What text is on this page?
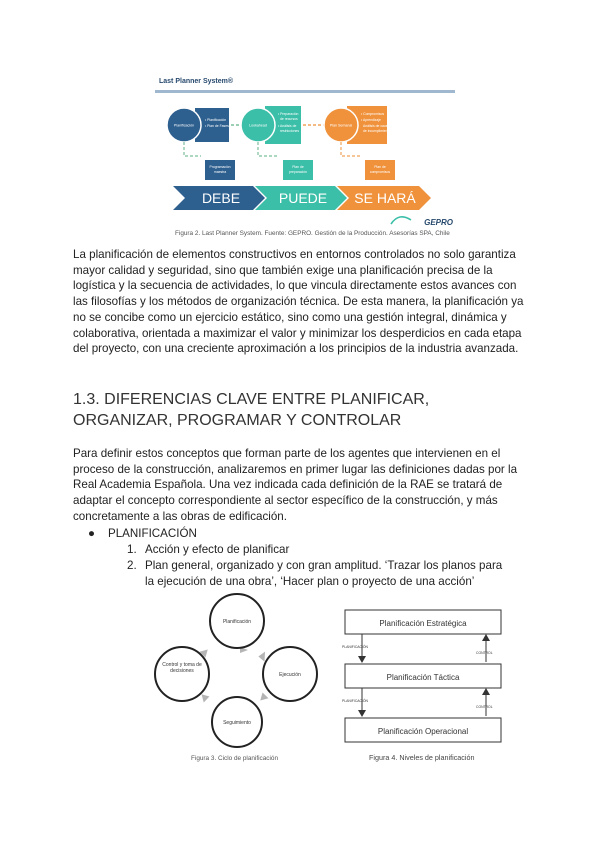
Last Planner System®
Planificación
• Planificación
• Plan de Fases
Programación
maestra
Lookahead
• Preparación
de recursos
• Análisis de
restricciones
Plan de
preparación
Plan Semanal
• Compromisos
• Aprendizaje
Análisis de causas
de incumplimiento
Plan de
compromisos
DEBE	PUEDE SE HARÁ
GEPRO
Figura 2. Last Planner System. Fuente: GEPRO. Gestión de la Producción. Asesorías SPA, Chile
La planificación de elementos constructivos en entornos controlados no solo garantiza mayor calidad y seguridad, sino que también exige una planificación precisa de la logística y la secuencia de actividades, lo que vincula directamente estos avances con las filosofías y los métodos de organización técnica. De esta manera, la planificación ya no se concibe como un ejercicio estático, sino como una gestión integral, dinámica y colaborativa, orientada a maximizar el valor y minimizar los desperdicios en cada etapa del proyecto, con una creciente aproximación a los principios de la industria avanzada.
1.3. DIFERENCIAS CLAVE ENTRE PLANIFICAR, ORGANIZAR, PROGRAMAR Y CONTROLAR
Para definir estos conceptos que forman parte de los agentes que intervienen en el proceso de la construcción, analizaremos en primer lugar las definiciones dadas por la Real Academia Española. Una vez indicada cada definición de la RAE se tratará de adaptar el concepto correspondiente al sector específico de la construcción, y más concretamente a las obras de edificación.
● PLANIFICACIÓN
1. Acción y efecto de planificar
2. Plan general, organizado y con gran amplitud. ‘Trazar los planos para
la ejecución de una obra’, ‘Hacer plan o proyecto de una acción’
Planificación
Ejecución
Seguimiento
Control y toma de decisiones
Figura 3. Ciclo de planificación
Planificación Estratégica
Planificación Táctica
Planificación Operacional
PLANIFICACIÓN
PLANIFICACIÓN
CONTROL
CONTROL
Figura 4. Niveles de planificación
